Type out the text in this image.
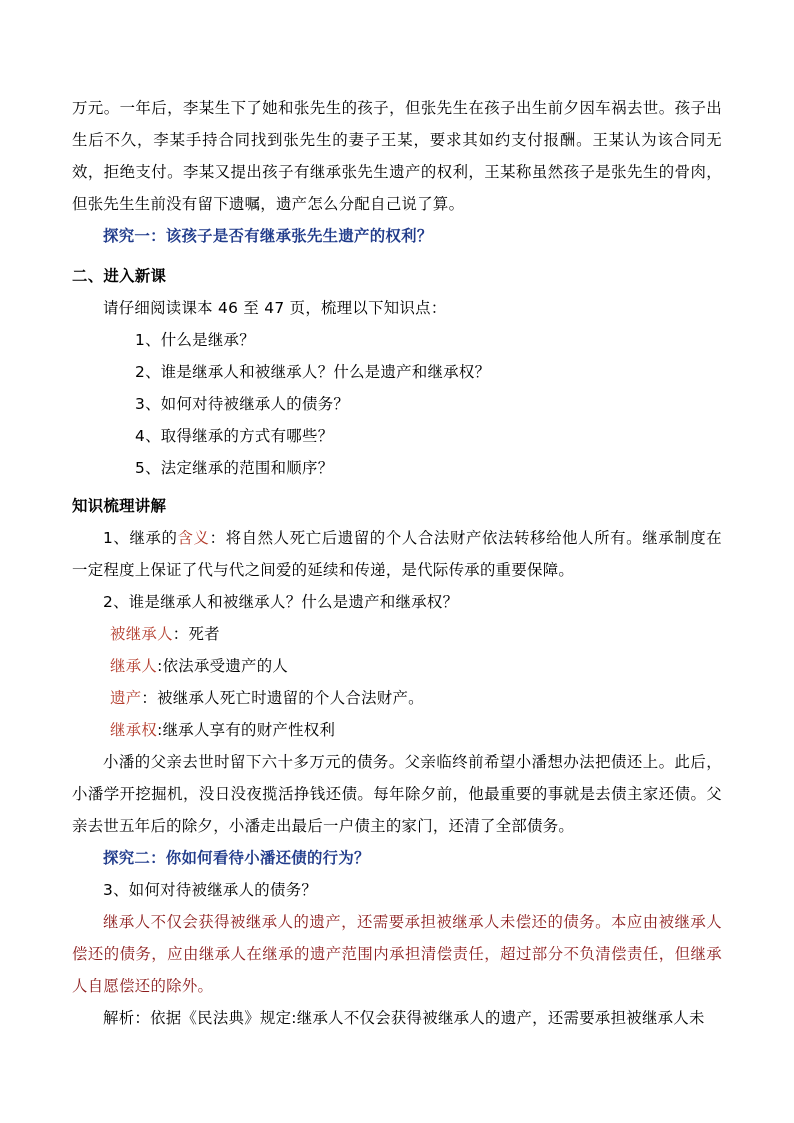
万元。一年后，李某生下了她和张先生的孩子，但张先生在孩子出生前夕因车祸去世。孩子出生后不久，李某手持合同找到张先生的妻子王某，要求其如约支付报酬。王某认为该合同无效，拒绝支付。李某又提出孩子有继承张先生遗产的权利，王某称虽然孩子是张先生的骨肉，但张先生生前没有留下遗嘱，遗产怎么分配自己说了算。

探究一：该孩子是否有继承张先生遗产的权利？

二、进入新课

请仔细阅读课本 46 至 47 页，梳理以下知识点：

1、什么是继承？

2、谁是继承人和被继承人？什么是遗产和继承权？

3、如何对待被继承人的债务？

4、取得继承的方式有哪些？

5、法定继承的范围和顺序？

知识梳理讲解

1、继承的含义：将自然人死亡后遗留的个人合法财产依法转移给他人所有。继承制度在一定程度上保证了代与代之间爱的延续和传递，是代际传承的重要保障。

2、谁是继承人和被继承人？什么是遗产和继承权？

被继承人：死者

继承人:依法承受遗产的人

遗产：被继承人死亡时遗留的个人合法财产。

继承权:继承人享有的财产性权利

小潘的父亲去世时留下六十多万元的债务。父亲临终前希望小潘想办法把债还上。此后，小潘学开挖掘机，没日没夜揽活挣钱还债。每年除夕前，他最重要的事就是去债主家还债。父亲去世五年后的除夕，小潘走出最后一户债主的家门，还清了全部债务。

探究二：你如何看待小潘还债的行为？

3、如何对待被继承人的债务？

继承人不仅会获得被继承人的遗产，还需要承担被继承人未偿还的债务。本应由被继承人偿还的债务，应由继承人在继承的遗产范围内承担清偿责任，超过部分不负清偿责任，但继承人自愿偿还的除外。

解析：依据《民法典》规定:继承人不仅会获得被继承人的遗产，还需要承担被继承人未
